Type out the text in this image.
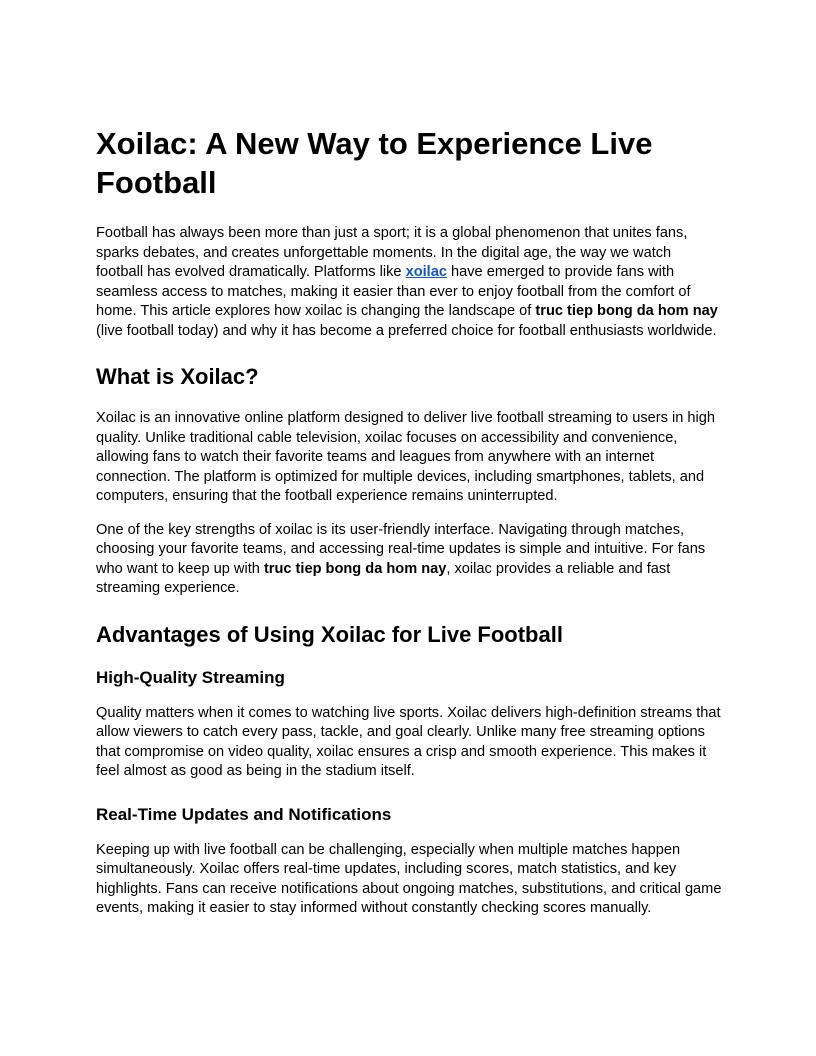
Xoilac: A New Way to Experience Live Football

Football has always been more than just a sport; it is a global phenomenon that unites fans, sparks debates, and creates unforgettable moments. In the digital age, the way we watch football has evolved dramatically. Platforms like xoilac have emerged to provide fans with seamless access to matches, making it easier than ever to enjoy football from the comfort of home. This article explores how xoilac is changing the landscape of truc tiep bong da hom nay (live football today) and why it has become a preferred choice for football enthusiasts worldwide.

What is Xoilac?

Xoilac is an innovative online platform designed to deliver live football streaming to users in high quality. Unlike traditional cable television, xoilac focuses on accessibility and convenience, allowing fans to watch their favorite teams and leagues from anywhere with an internet connection. The platform is optimized for multiple devices, including smartphones, tablets, and computers, ensuring that the football experience remains uninterrupted.

One of the key strengths of xoilac is its user-friendly interface. Navigating through matches, choosing your favorite teams, and accessing real-time updates is simple and intuitive. For fans who want to keep up with truc tiep bong da hom nay, xoilac provides a reliable and fast streaming experience.

Advantages of Using Xoilac for Live Football
High-Quality Streaming

Quality matters when it comes to watching live sports. Xoilac delivers high-definition streams that allow viewers to catch every pass, tackle, and goal clearly. Unlike many free streaming options that compromise on video quality, xoilac ensures a crisp and smooth experience. This makes it feel almost as good as being in the stadium itself.

Real-Time Updates and Notifications

Keeping up with live football can be challenging, especially when multiple matches happen simultaneously. Xoilac offers real-time updates, including scores, match statistics, and key highlights. Fans can receive notifications about ongoing matches, substitutions, and critical game events, making it easier to stay informed without constantly checking scores manually.
